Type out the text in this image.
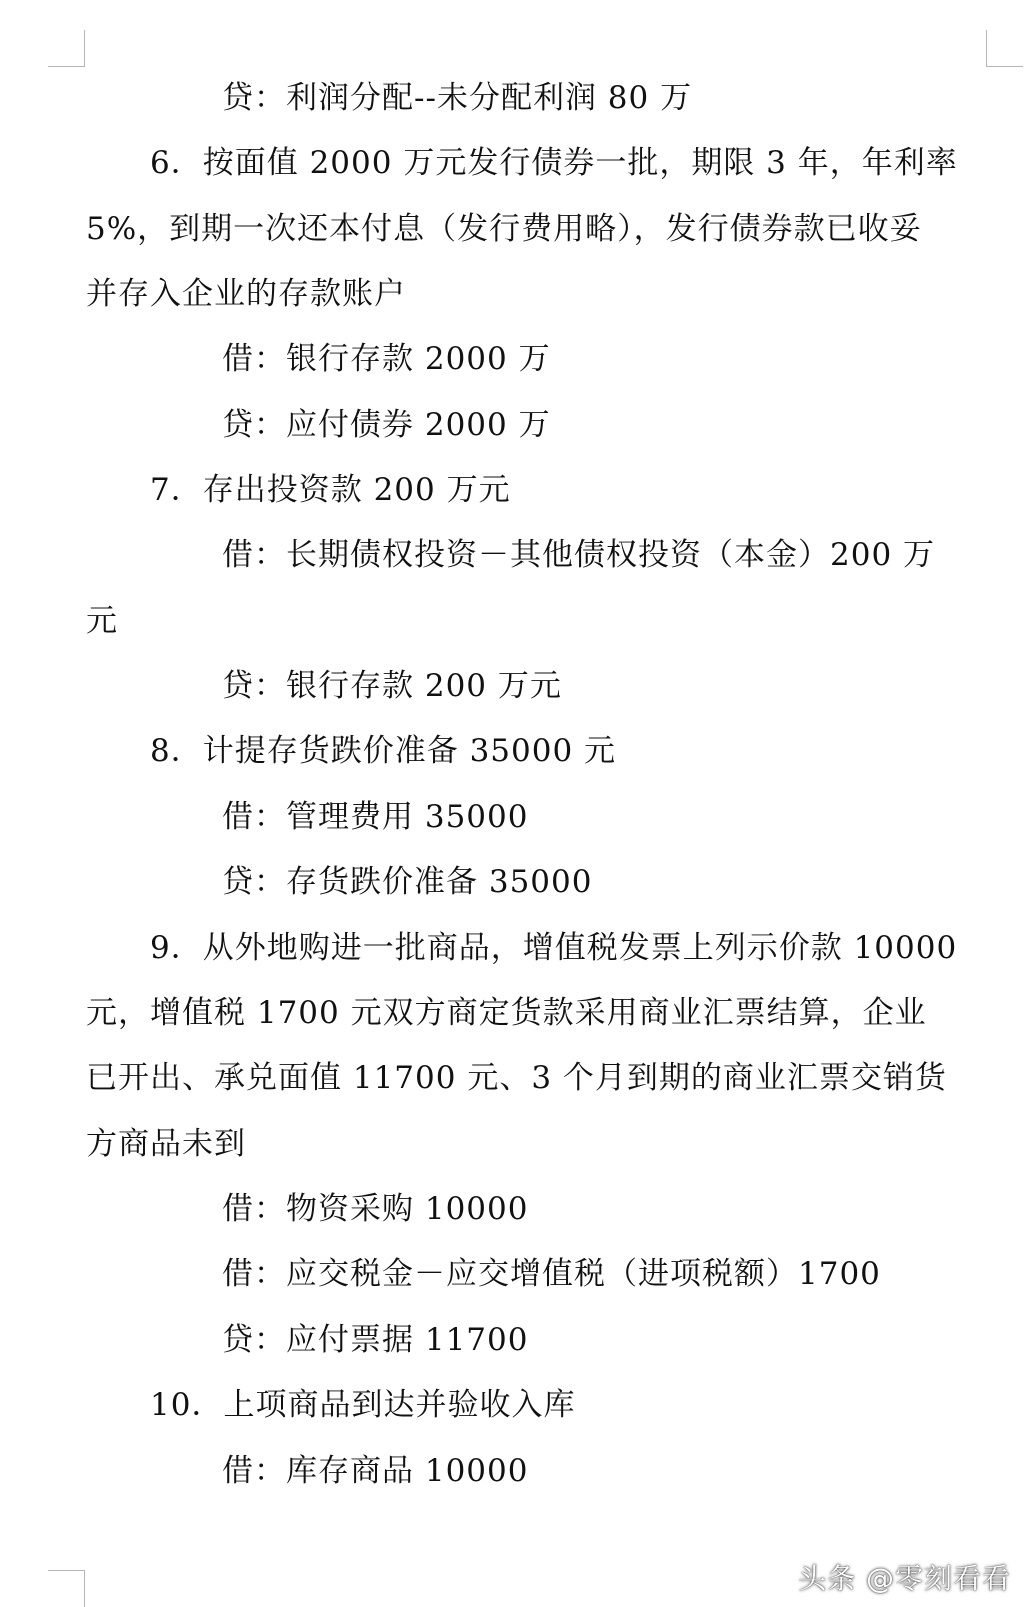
贷：利润分配--未分配利润 80 万
6．按面值 2000 万元发行债券一批，期限 3 年，年利率
5%，到期一次还本付息（发行费用略），发行债券款已收妥
并存入企业的存款账户
借：银行存款 2000 万
贷：应付债券 2000 万
7．存出投资款 200 万元
借：长期债权投资－其他债权投资（本金）200 万
元
贷：银行存款 200 万元
8．计提存货跌价准备 35000 元
借：管理费用 35000
贷：存货跌价准备 35000
9．从外地购进一批商品，增值税发票上列示价款 10000
元，增值税 1700 元双方商定货款采用商业汇票结算，企业
已开出、承兑面值 11700 元、3 个月到期的商业汇票交销货
方商品未到
借：物资采购 10000
借：应交税金－应交增值税（进项税额）1700
贷：应付票据 11700
10．上项商品到达并验收入库
借：库存商品 10000
头条 @零刻看看
